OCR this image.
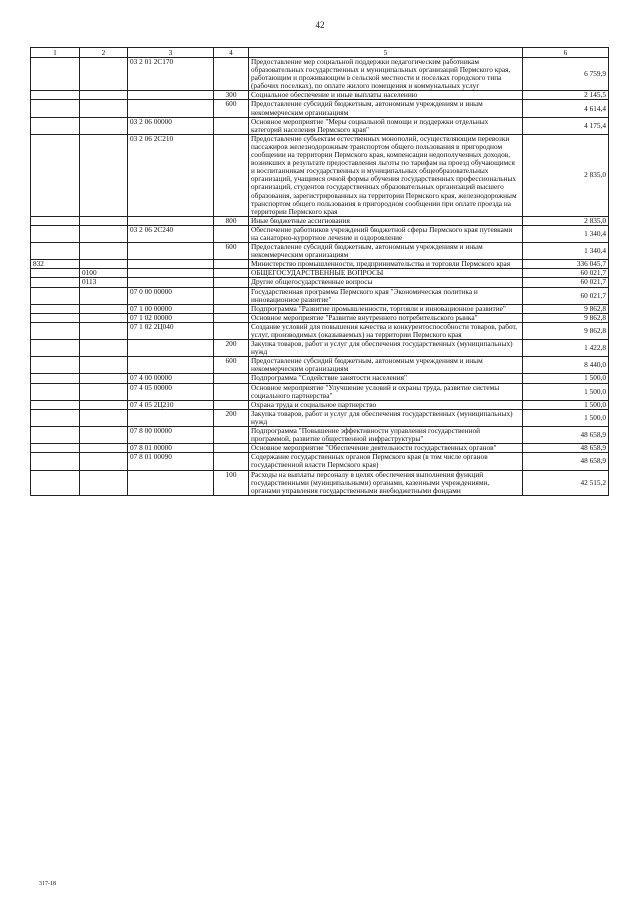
42
1	2	3	4	5	6
		03 2 01 2С170		Предоставление мер социальной поддержки педагогическим работникам образовательных государственных и муниципальных организаций Пермского края, работающим и проживающим в сельской местности и поселках городского типа (рабочих поселках), по оплате жилого помещения и коммунальных услуг	6 759,9
			300	Социальное обеспечение и иные выплаты населению	2 145,5
			600	Предоставление субсидий бюджетным, автономным учреждениям и иным некоммерческим организациям	4 614,4
		03 2 06 00000		Основное мероприятие "Меры социальной помощи и поддержки отдельных категорий населения Пермского края"	4 175,4
		03 2 06 2С210		Предоставление субъектам естественных монополий, осуществляющим перевозки пассажиров железнодорожным транспортом общего пользования в пригородном сообщении на территории Пермского края, компенсации недополученных доходов, возникших в результате предоставления льготы по тарифам на проезд обучающимся и воспитанникам государственных и муниципальных общеобразовательных организаций, учащимся очной формы обучения государственных профессиональных организаций, студентов государственных образовательных организаций высшего образования, зарегистрированных на территории Пермского края, железнодорожным транспортом общего пользования в пригородном сообщении при оплате проезда на территории Пермского края	2 835,0
			800	Иные бюджетные ассигнования	2 835,0
		03 2 06 2С240		Обеспечение работников учреждений бюджетной сферы Пермского края путевками на санаторно-курортное лечение и оздоровление	1 340,4
			600	Предоставление субсидий бюджетным, автономным учреждениям и иным некоммерческим организациям	1 340,4
832				Министерство промышленности, предпринимательства и торговли Пермского края	336 045,7
	0100			ОБЩЕГОСУДАРСТВЕННЫЕ ВОПРОСЫ	60 021,7
	0113			Другие общегосударственные вопросы	60 021,7
		07 0 00 00000		Государственная программа Пермского края "Экономическая политика и инновационное развитие"	60 021,7
		07 1 00 00000		Подпрограмма "Развитие промышленности, торговли и инновационное развитие"	9 862,8
		07 1 02 00000		Основное мероприятие "Развитие внутреннего потребительского рынка"	9 862,8
		07 1 02 2Ц040		Создание условий для повышения качества и конкурентоспособности товаров, работ, услуг, производимых (оказываемых) на территории Пермского края	9 862,8
			200	Закупка товаров, работ и услуг для обеспечения государственных (муниципальных) нужд	1 422,8
			600	Предоставление субсидий бюджетным, автономным учреждениям и иным некоммерческим организациям	8 440,0
		07 4 00 00000		Подпрограмма "Содействие занятости населения"	1 500,0
		07 4 05 00000		Основное мероприятие "Улучшение условий и охраны труда, развитие системы социального партнерства"	1 500,0
		07 4 05 2Ц210		Охрана труда и социальное партнерство	1 500,0
			200	Закупка товаров, работ и услуг для обеспечения государственных (муниципальных) нужд	1 500,0
		07 8 00 00000		Подпрограмма "Повышение эффективности управления государственной программой, развитие общественной инфраструктуры"	48 658,9
		07 8 01 00000		Основное мероприятие "Обеспечение деятельности государственных органов"	48 658,9
		07 8 01 00090		Содержание государственных органов Пермского края (в том числе органов государственной власти Пермского края)	48 658,9
			100	Расходы на выплаты персоналу в целях обеспечения выполнения функций государственными (муниципальными) органами, казенными учреждениями, органами управления государственными внебюджетными фондами	42 515,2
317-18
